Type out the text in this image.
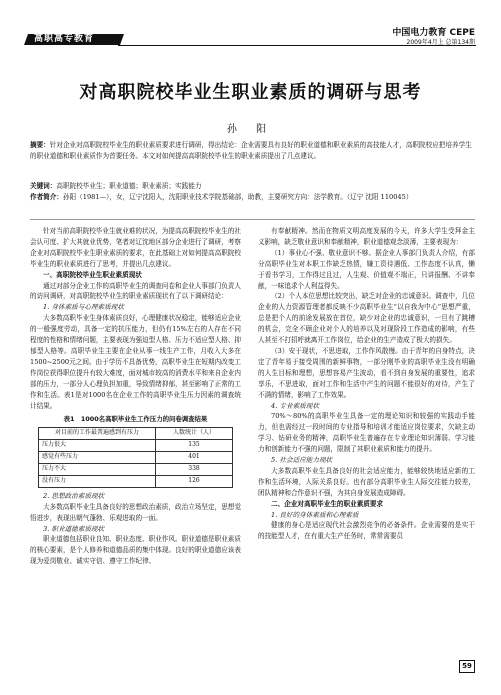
高职高专教育
中国电力教育 CEPE
2009年4月上 总第134期
对高职院校毕业生职业素质的调研与思考
孙 阳
摘要：针对企业对高职院校毕业生的职业素质要求进行调研，得出结论：企业需要具有良好的职业道德和职业素质的高技能人才，高职院校应把培养学生的职业道德和职业素质作为首要任务。本文对如何提高高职院校毕业生的职业素质提出了几点建议。
关键词：高职院校毕业生；职业道德；职业素质；实践能力
作者简介：孙阳（1981—），女，辽宁沈阳人，沈阳职业技术学院基础部，助教，主要研究方向：法学教育。（辽宁 沈阳 110045）

针对当前高职院校毕业生就业难的状况，为提高高职院校毕业生的社会认可度、扩大其就业优势，笔者对辽沈地区部分企业进行了调研，考察企业对高职院校毕业生职业素质的要求，在此基础上对如何提高高职院校毕业生的职业素质进行了思考，并提出几点建议。

一、高职院校毕业生职业素质现状

通过对部分企业工作的高职毕业生的调查问卷和企业人事部门负责人的访问调研，对高职院校毕业生的职业素质现状有了以下调研结论：

1. 身体素质与心理素质现状

大多数高职毕业生身体素质良好，心理健康状况稳定，能够适应企业的一般强度劳动，具备一定的抗压能力，但仍有15%左右的人存在不同程度的性格和情绪问题，主要表现为强迫型人格、压力不适应型人格、抑郁型人格等。高职毕业生主要在企业从事一线生产工作，月收入大多在1500~2500元之间。由于学历不具备优势，高职毕业生在短期内改变工作岗位获得职位提升有较大难度，面对城市较高的消费水平和来自企业内部的压力，一部分人心理负担加重，导致情绪抑郁，甚至影响了正常的工作和生活。表1是对1000名在企业工作的高职毕业生压力因素的调查统计结果。

表1　1000名高职毕业生工作压力的问卷调查结果
对目前的工作最普遍感到有压力	人数统计（人）
压力很大	135
感觉有些压力	401
压力不大	338
没有压力	126
2. 思想政治素质现状

大多数高职毕业生具备良好的思想政治素质，政治立场坚定，思想觉悟进步，表现出朝气蓬勃、乐观进取的一面。

3. 职业道德素质现状

职业道德包括职业良知、职业态度、职业作风。职业道德是职业素质的核心要素，是个人修养和道德品质的集中体现。良好的职业道德应该表现为爱岗敬业、诚实守信、遵守工作纪律、

有奉献精神。然而在物质文明高度发展的今天，许多大学生受拜金主义影响，缺乏敬业意识和奉献精神，职业道德观念淡薄，主要表现为：

（1）事业心不强、敬业意识不够。据企业人事部门负责人介绍，有部分高职毕业生对本职工作缺乏热情，嫌工资待遇低、工作态度不认真，懒于看书学习，工作得过且过，人生观、价值观不端正，只讲报酬、不讲奉献，一味追求个人利益得失。

（2）个人本位思想比较突出，缺乏对企业的忠诚意识。调查中，几位企业的人力资源管理者都反映不少高职毕业生“以自我为中心”思想严重，总是把个人的前途发展放在首位，缺少对企业的忠诚意识，一旦有了跳槽的机会，完全不顾企业对个人的培养以及对现阶段工作造成的影响，有些人甚至不打招呼就离开工作岗位，给企业的生产造成了极大的损失。

（3）安于现状，不思进取，工作作风散慢。由于青年的自身特点，决定了青年易于接受周围的新鲜事物，一部分刚毕业的高职毕业生没有明确的人生目标和理想，思想容易产生波动，看不到自身发展的重要性，追求享乐，不思进取，面对工作和生活中产生的问题不能很好的对待，产生了不满的情绪，影响了工作效果。

4. 专业素质现状

70%～80%的高职毕业生具备一定的理论知识和较强的实践动手能力，但也需经过一段时间的专业指导和培训才能适应岗位要求，欠缺主动学习、钻研业务的精神，高职毕业生普遍存在专业理论知识薄弱、学习能力和创新能力不强的问题，限制了其职业素质和能力的提升。

5. 社会适应能力现状

大多数高职毕业生具备良好的社会适应能力，能够较快地适应新的工作和生活环境，人际关系良好。也有部分高职毕业生人际交往能力较差，团队精神和合作意识不强，为其自身发展造成障碍。

二、企业对高职毕业生的职业素质要求
1. 良好的身体素质和心理素质

健康的身心是适应现代社会激烈竞争的必备条件。企业需要的是实干的技能型人才，在有重大生产任务时，常常需要员

59
